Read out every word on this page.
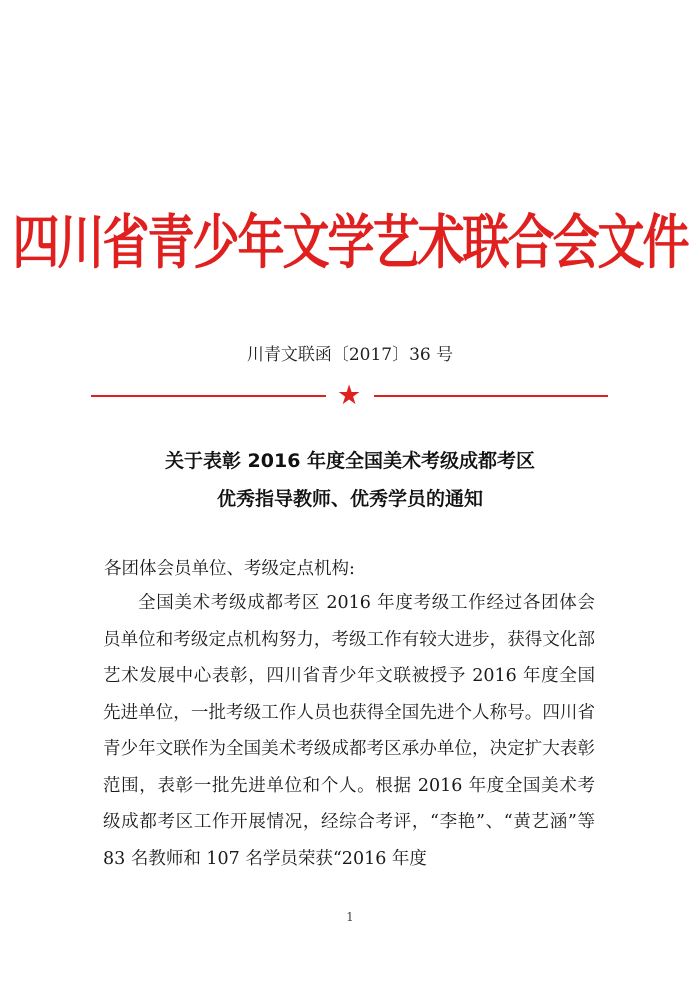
四川省青少年文学艺术联合会文件
川青文联函〔2017〕36 号
★
关于表彰 2016 年度全国美术考级成都考区
优秀指导教师、优秀学员的通知
各团体会员单位、考级定点机构:
全国美术考级成都考区 2016 年度考级工作经过各团体会员单位和考级定点机构努力，考级工作有较大进步，获得文化部艺术发展中心表彰，四川省青少年文联被授予 2016 年度全国先进单位，一批考级工作人员也获得全国先进个人称号。四川省青少年文联作为全国美术考级成都考区承办单位，决定扩大表彰范围，表彰一批先进单位和个人。根据 2016 年度全国美术考级成都考区工作开展情况，经综合考评，“李艳”、“黄艺涵”等 83 名教师和 107 名学员荣获“2016 年度
1
